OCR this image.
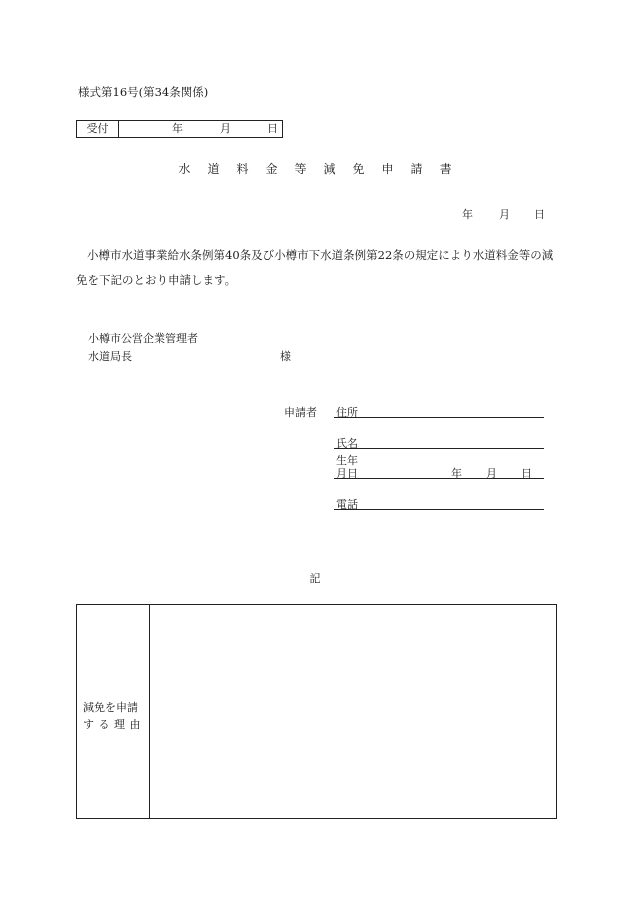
様式第16号(第34条関係)
受付	年	月	日
水 道 料 金 等 減 免 申 請 書
年 月 日
小樽市水道事業給水条例第40条及び小樽市下水道条例第22条の規定により水道料金等の減免を下記のとおり申請します。
小樽市公営企業管理者
水道局長	様
申請者 住所
氏名
生年
月日	年 月 日
電話
記
減免を申請
する理由
